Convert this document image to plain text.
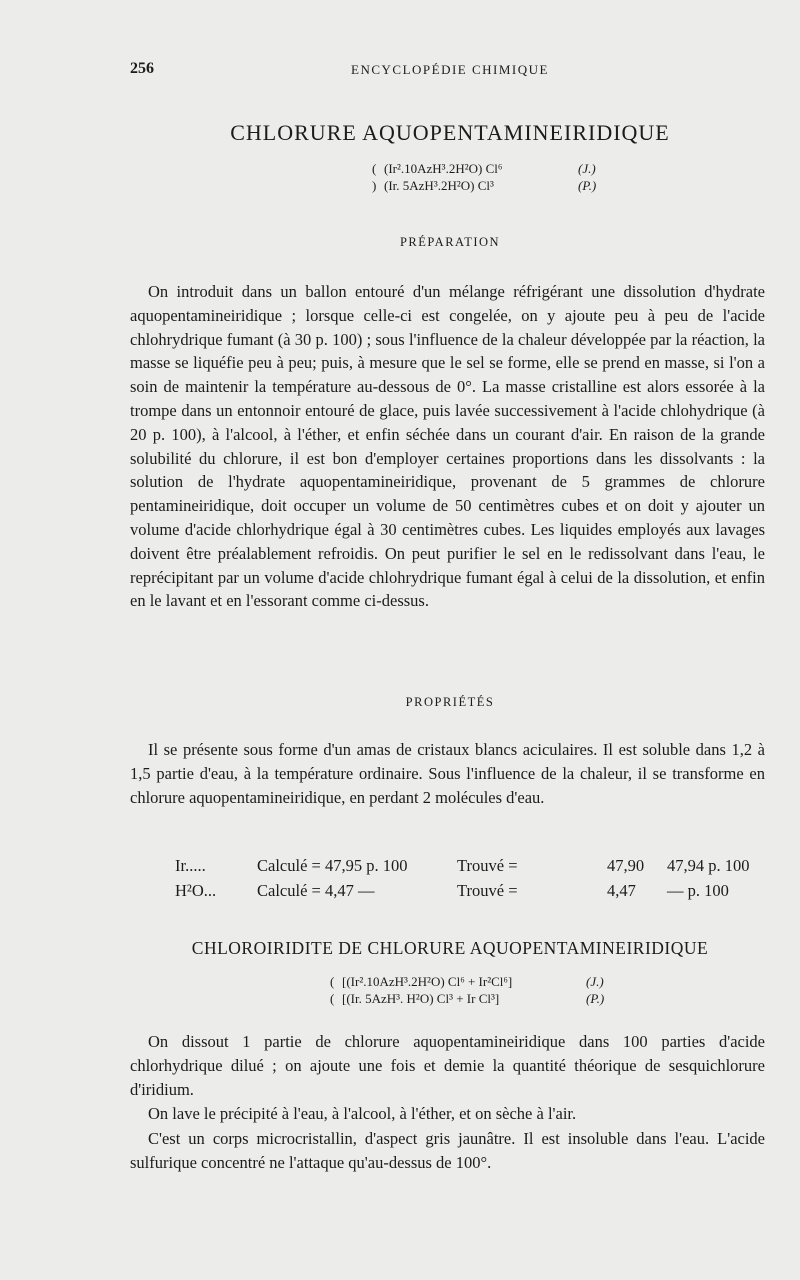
256	ENCYCLOPÉDIE CHIMIQUE
CHLORURE AQUOPENTAMINEIRIDIQUE
( (Ir².10AzH³.2H²O) Cl⁶	(J.)
) (Ir. 5AzH³.2H²O) Cl³	(P.)
PRÉPARATION

On introduit dans un ballon entouré d'un mélange réfrigérant une dissolution d'hydrate aquopentamineiridique ; lorsque celle-ci est congelée, on y ajoute peu à peu de l'acide chlohrydrique fumant (à 30 p. 100) ; sous l'influence de la chaleur développée par la réaction, la masse se liquéfie peu à peu; puis, à mesure que le sel se forme, elle se prend en masse, si l'on a soin de maintenir la température au-dessous de 0°. La masse cristalline est alors essorée à la trompe dans un entonnoir entouré de glace, puis lavée successivement à l'acide chlohydrique (à 20 p. 100), à l'alcool, à l'éther, et enfin séchée dans un courant d'air. En raison de la grande solubilité du chlorure, il est bon d'employer certaines proportions dans les dissolvants : la solution de l'hydrate aquopentamineiridique, provenant de 5 grammes de chlorure pentamineiridique, doit occuper un volume de 50 centimètres cubes et on doit y ajouter un volume d'acide chlorhydrique égal à 30 centimètres cubes. Les liquides employés aux lavages doivent être préalablement refroidis. On peut purifier le sel en le redissolvant dans l'eau, le reprécipitant par un volume d'acide chlohrydrique fumant égal à celui de la dissolution, et enfin en le lavant et en l'essorant comme ci-dessus.

PROPRIÉTÉS

Il se présente sous forme d'un amas de cristaux blancs aciculaires. Il est soluble dans 1,2 à 1,5 partie d'eau, à la température ordinaire. Sous l'influence de la chaleur, il se transforme en chlorure aquopentamineiridique, en perdant 2 molécules d'eau.

Ir.....	Calculé = 47,95 p. 100	Trouvé =	47,90	47,94 p. 100
H²O...	Calculé = 4,47 —	Trouvé =	4,47	— p. 100
CHLOROIRIDITE DE CHLORURE AQUOPENTAMINEIRIDIQUE
( [(Ir².10AzH³.2H²O) Cl⁶ + Ir²Cl⁶]	(J.)
( [(Ir. 5AzH³. H²O) Cl³ + Ir Cl³]	(P.)

On dissout 1 partie de chlorure aquopentamineiridique dans 100 parties d'acide chlorhydrique dilué ; on ajoute une fois et demie la quantité théorique de sesquichlorure d'iridium.

On lave le précipité à l'eau, à l'alcool, à l'éther, et on sèche à l'air.

C'est un corps microcristallin, d'aspect gris jaunâtre. Il est insoluble dans l'eau. L'acide sulfurique concentré ne l'attaque qu'au-dessus de 100°.
